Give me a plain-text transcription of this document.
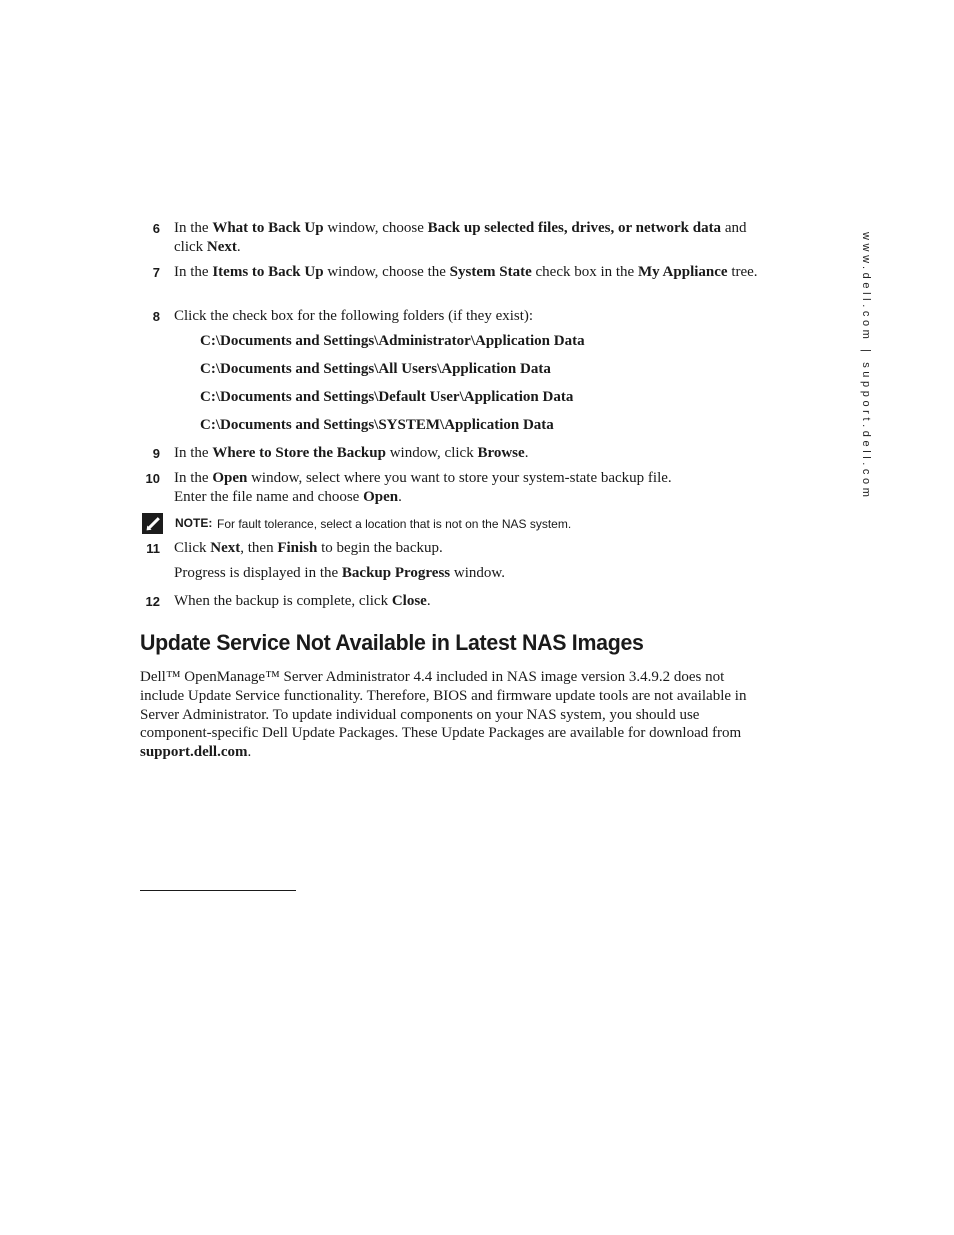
www.dell.com | support.dell.com
6 In the What to Back Up window, choose Back up selected files, drives, or network data and click Next.
7 In the Items to Back Up window, choose the System State check box in the My Appliance tree.
8 Click the check box for the following folders (if they exist):
C:\Documents and Settings\Administrator\Application Data
C:\Documents and Settings\All Users\Application Data
C:\Documents and Settings\Default User\Application Data
C:\Documents and Settings\SYSTEM\Application Data
9 In the Where to Store the Backup window, click Browse.
10 In the Open window, select where you want to store your system-state backup file.
Enter the file name and choose Open.
NOTE: For fault tolerance, select a location that is not on the NAS system.
11 Click Next, then Finish to begin the backup.
Progress is displayed in the Backup Progress window.
12 When the backup is complete, click Close.
Update Service Not Available in Latest NAS Images
Dell™ OpenManage™ Server Administrator 4.4 included in NAS image version 3.4.9.2 does not include Update Service functionality. Therefore, BIOS and firmware update tools are not available in Server Administrator. To update individual components on your NAS system, you should use component-specific Dell Update Packages. These Update Packages are available for download from support.dell.com.
